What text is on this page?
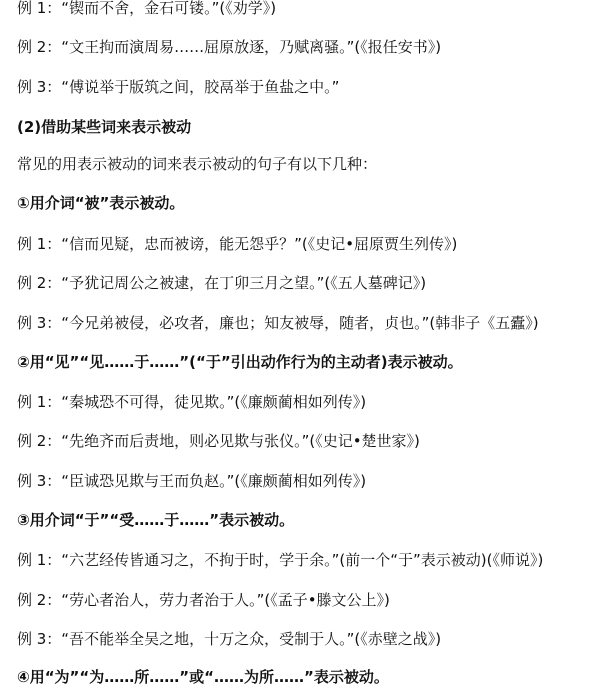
例 1：“锲而不舍，金石可镂。”(《劝学》)
例 2：“文王拘而演周易……屈原放逐，乃赋离骚。”(《报任安书》)
例 3：“傅说举于版筑之间，胶鬲举于鱼盐之中。”
(2)借助某些词来表示被动
常见的用表示被动的词来表示被动的句子有以下几种：
①用介词“被”表示被动。
例 1：“信而见疑，忠而被谤，能无怨乎？”(《史记•屈原贾生列传》)
例 2：“予犹记周公之被逮，在丁卯三月之望。”(《五人墓碑记》)
例 3：“今兄弟被侵，必攻者，廉也；知友被辱，随者，贞也。”(韩非子《五蠹》)
②用“见”“见……于……”(“于”引出动作行为的主动者)表示被动。
例 1：“秦城恐不可得，徒见欺。”(《廉颇蔺相如列传》)
例 2：“先绝齐而后责地，则必见欺与张仪。”(《史记•楚世家》)
例 3：“臣诚恐见欺与王而负赵。”(《廉颇蔺相如列传》)
③用介词“于”“受……于……”表示被动。
例 1：“六艺经传皆通习之，不拘于时，学于余。”(前一个“于”表示被动)(《师说》)
例 2：“劳心者治人，劳力者治于人。”(《孟子•滕文公上》)
例 3：“吾不能举全吴之地，十万之众，受制于人。”(《赤壁之战》)
④用“为”“为……所……”或“……为所……”表示被动。
